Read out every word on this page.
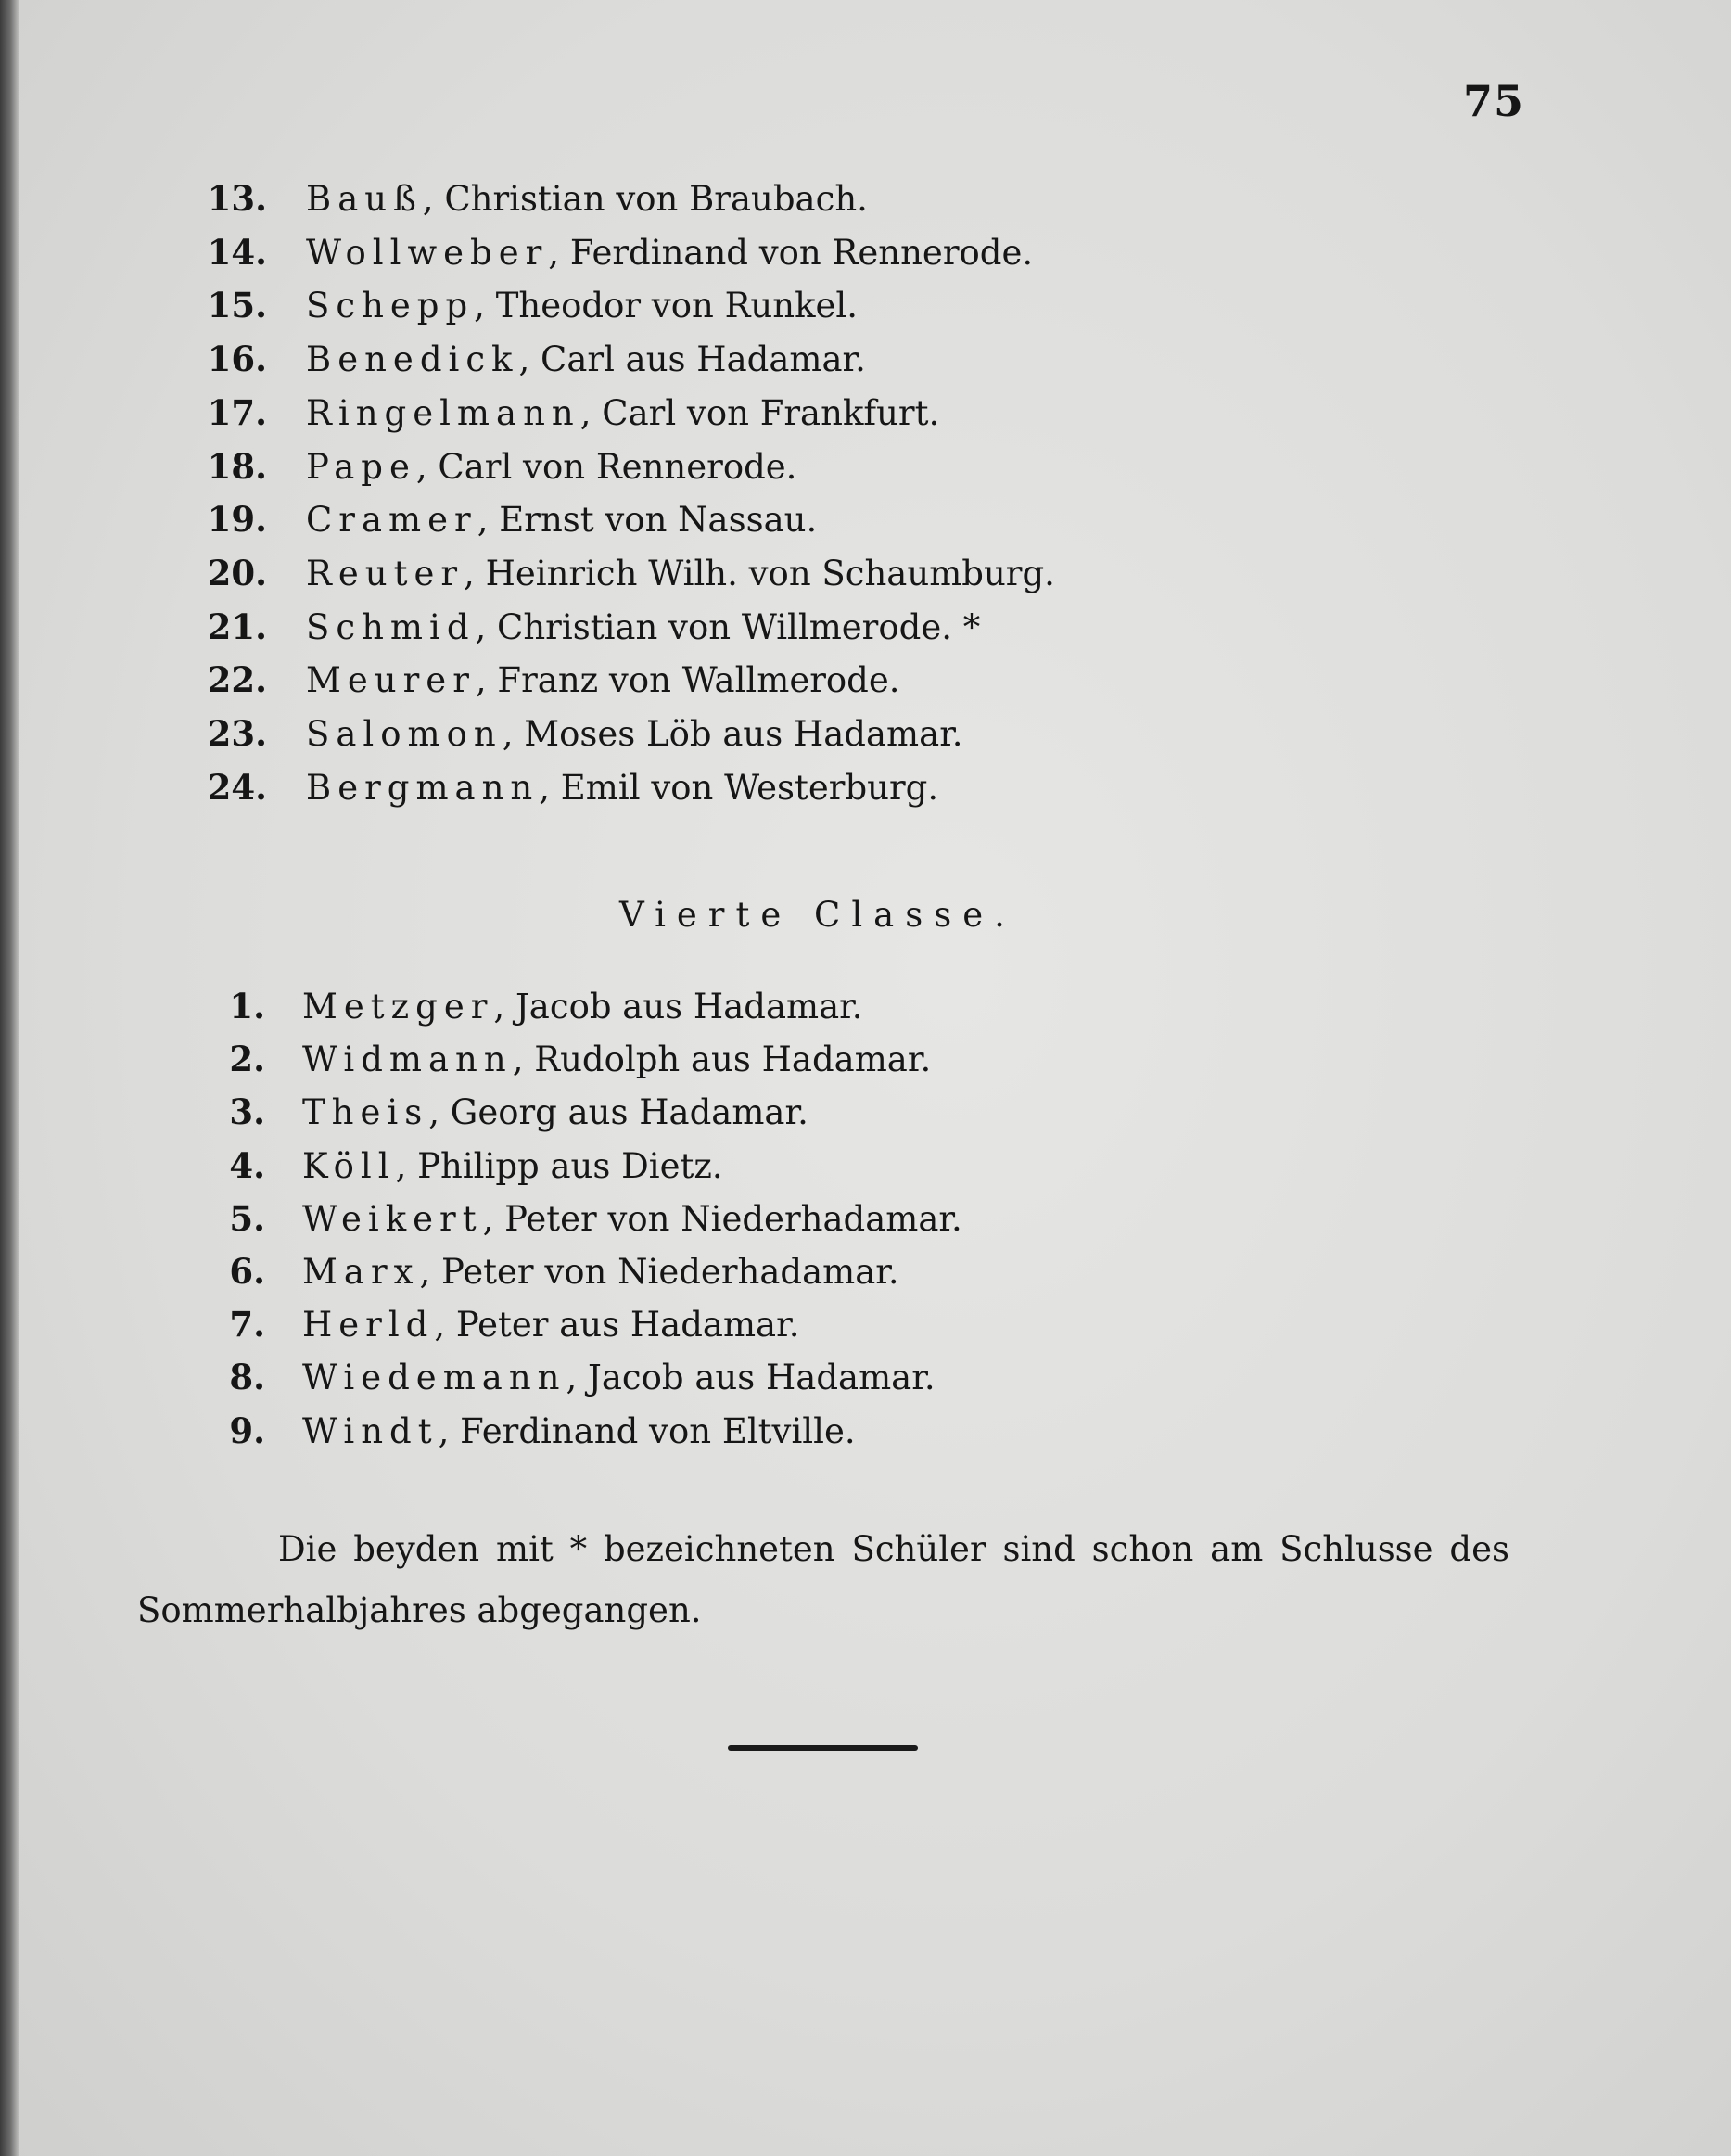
75
13. Bauß, Christian von Braubach.
14. Wollweber, Ferdinand von Rennerode.
15. Schepp, Theodor von Runkel.
16. Benedick, Carl aus Hadamar.
17. Ringelmann, Carl von Frankfurt.
18. Pape, Carl von Rennerode.
19. Cramer, Ernst von Nassau.
20. Reuter, Heinrich Wilh. von Schaumburg.
21. Schmid, Christian von Willmerode. *
22. Meurer, Franz von Wallmerode.
23. Salomon, Moses Löb aus Hadamar.
24. Bergmann, Emil von Westerburg.
Vierte Classe.
1. Metzger, Jacob aus Hadamar.
2. Widmann, Rudolph aus Hadamar.
3. Theis, Georg aus Hadamar.
4. Köll, Philipp aus Dietz.
5. Weikert, Peter von Niederhadamar.
6. Marx, Peter von Niederhadamar.
7. Herld, Peter aus Hadamar.
8. Wiedemann, Jacob aus Hadamar.
9. Windt, Ferdinand von Eltville.
Die beyden mit * bezeichneten Schüler sind schon am Schlusse des Sommerhalbjahres abgegangen.
